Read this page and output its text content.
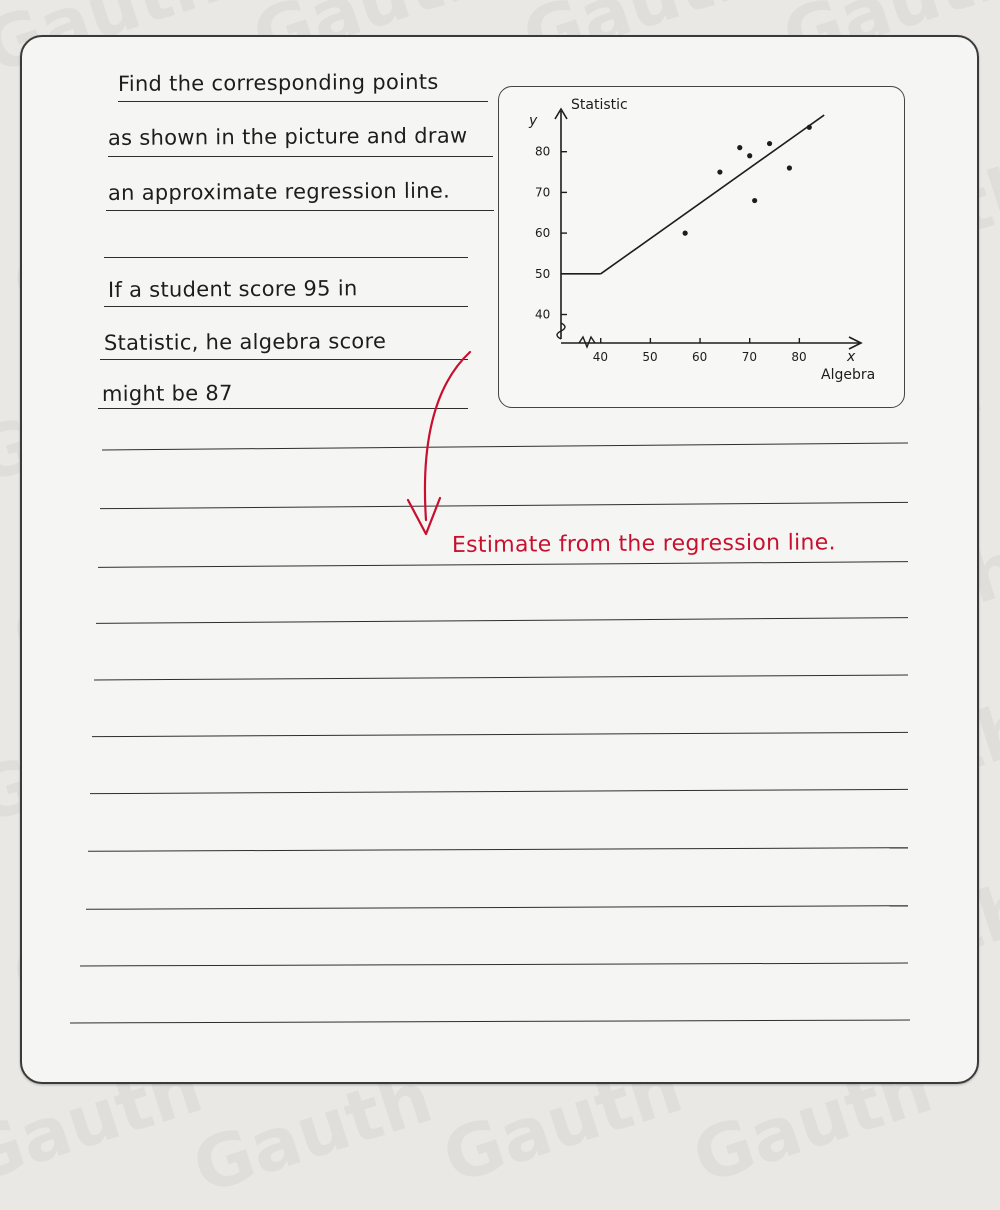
Find the corresponding points
as shown in the picture and draw
an approximate regression line.
If a student score 95 in
Statistic, he algebra score
might be 87
Estimate from the regression line.
y
Statistic
x
Algebra
40
50
60
70
80
40	50	60	70	80
